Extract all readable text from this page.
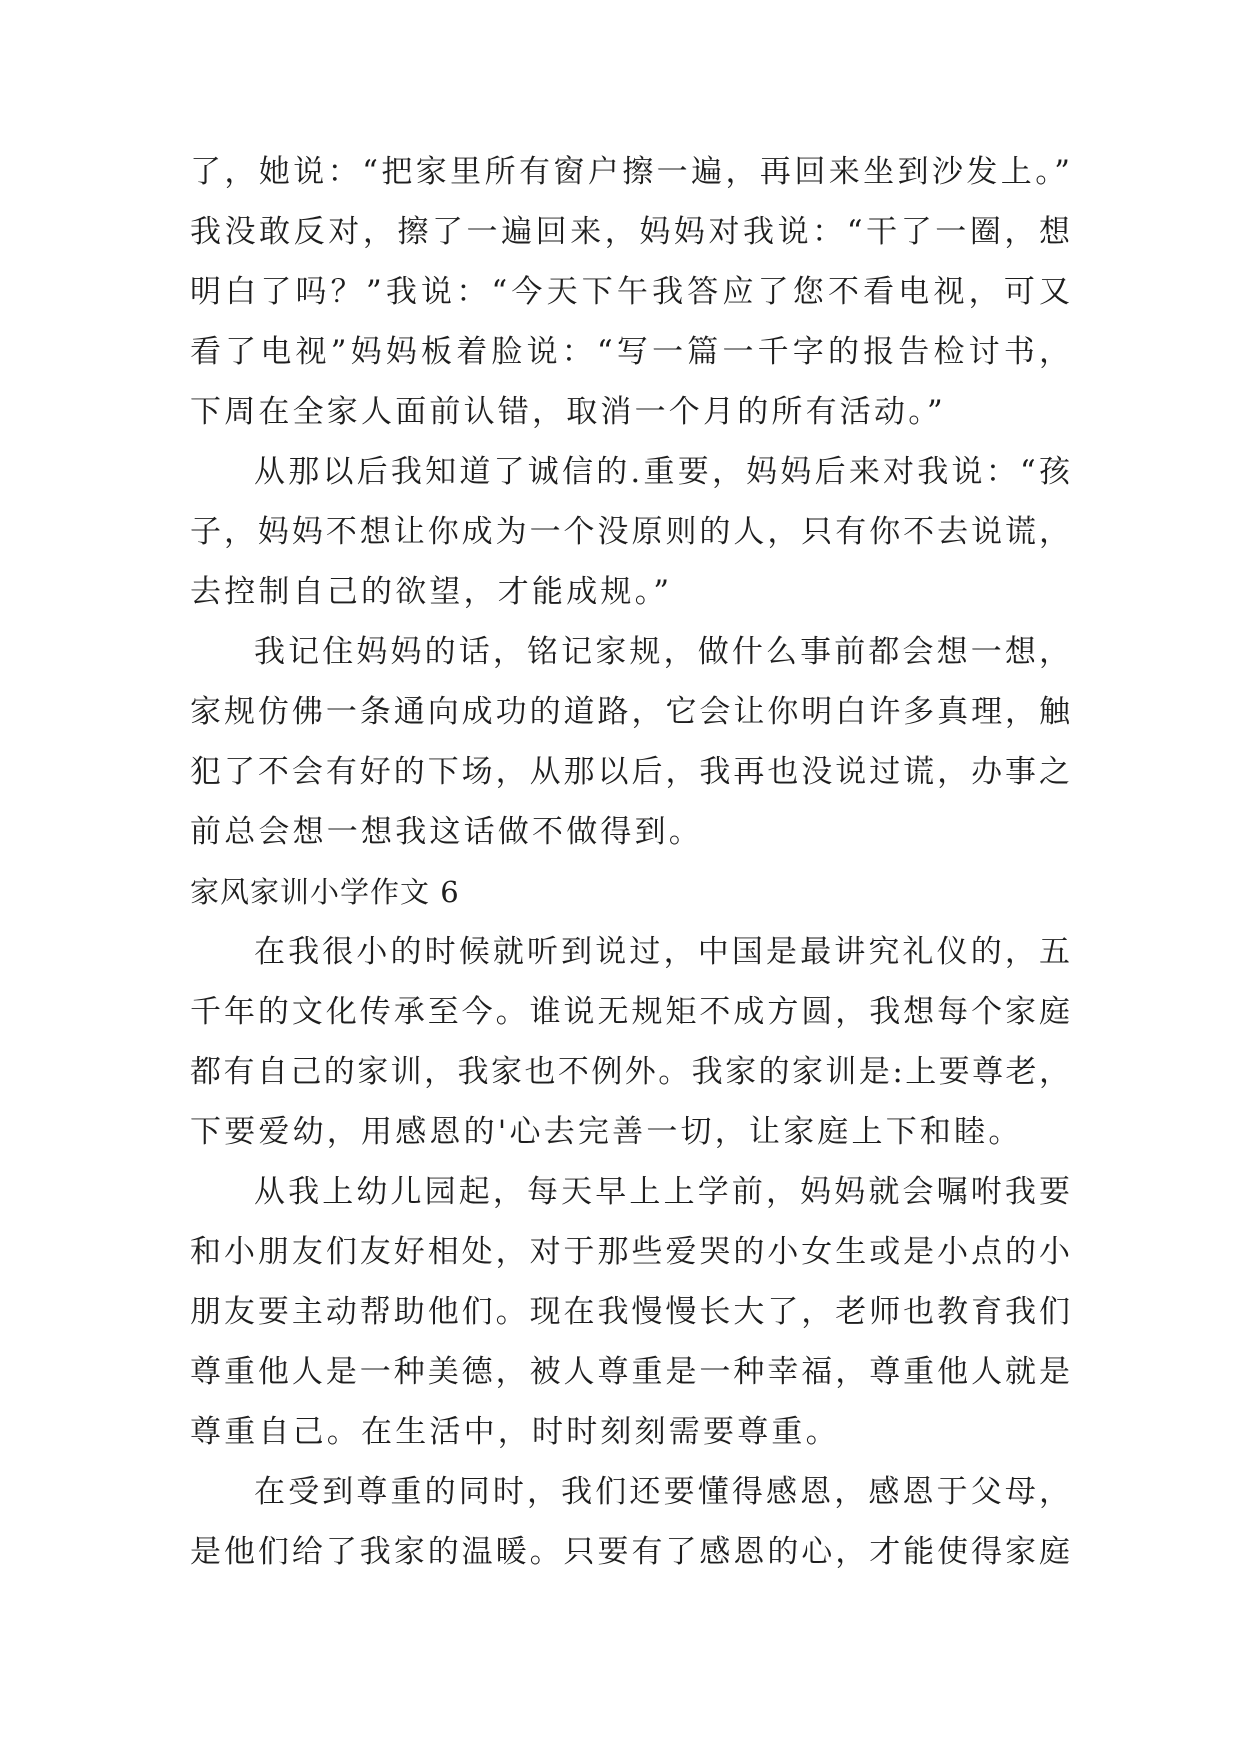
了，她说：“把家里所有窗户擦一遍，再回来坐到沙发上。”
我没敢反对，擦了一遍回来，妈妈对我说：“干了一圈，想
明白了吗？”我说：“今天下午我答应了您不看电视，可又
看了电视”妈妈板着脸说：“写一篇一千字的报告检讨书，
下周在全家人面前认错，取消一个月的所有活动。”
从那以后我知道了诚信的.重要，妈妈后来对我说：“孩
子，妈妈不想让你成为一个没原则的人，只有你不去说谎，
去控制自己的欲望，才能成规。”
我记住妈妈的话，铭记家规，做什么事前都会想一想，
家规仿佛一条通向成功的道路，它会让你明白许多真理，触
犯了不会有好的下场，从那以后，我再也没说过谎，办事之
前总会想一想我这话做不做得到。
家风家训小学作文 6
在我很小的时候就听到说过，中国是最讲究礼仪的，五
千年的文化传承至今。谁说无规矩不成方圆，我想每个家庭
都有自己的家训，我家也不例外。我家的家训是:上要尊老，
下要爱幼，用感恩的'心去完善一切，让家庭上下和睦。
从我上幼儿园起，每天早上上学前，妈妈就会嘱咐我要
和小朋友们友好相处，对于那些爱哭的小女生或是小点的小
朋友要主动帮助他们。现在我慢慢长大了，老师也教育我们
尊重他人是一种美德，被人尊重是一种幸福，尊重他人就是
尊重自己。在生活中，时时刻刻需要尊重。
在受到尊重的同时，我们还要懂得感恩，感恩于父母，
是他们给了我家的温暖。只要有了感恩的心，才能使得家庭
